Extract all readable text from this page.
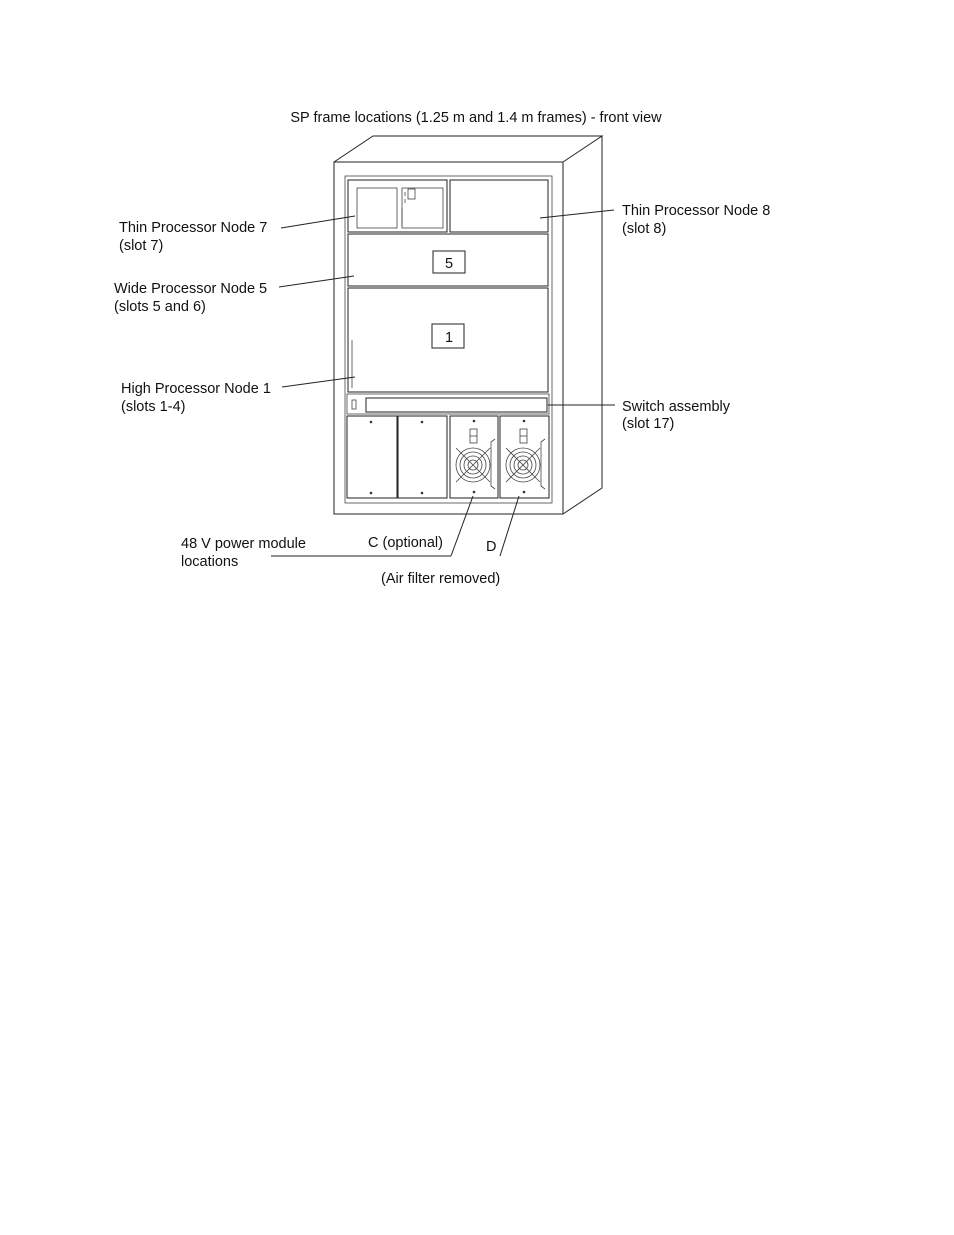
SP frame locations (1.25 m and 1.4 m frames) - front view
5
1
Thin Processor Node 7
(slot 7)
Thin Processor Node 8
(slot 8)
Wide Processor Node 5
(slots 5 and 6)
High Processor Node 1
(slots 1-4)	Switch assembly
(slot 17)
48 V power module
locations
C (optional)	D
(Air filter removed)
